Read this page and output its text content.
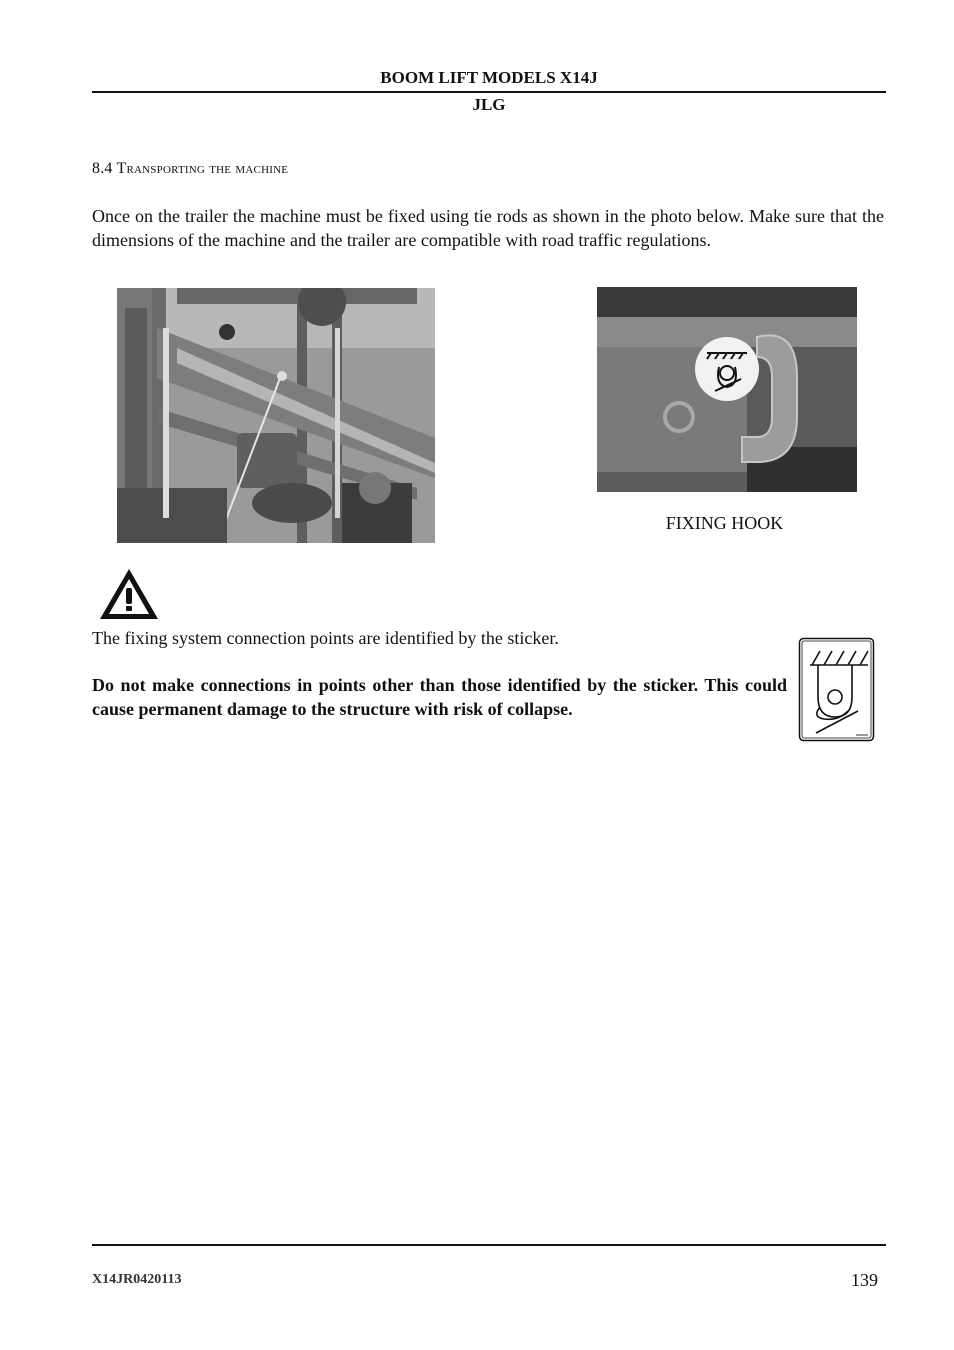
BOOM LIFT MODELS X14J
JLG
8.4 Transporting the machine
Once on the trailer the machine must be fixed using tie rods as shown in the photo below. Make sure that the dimensions of the machine and the trailer are compatible with road traffic regulations.
FIXING HOOK
The fixing system connection points are identified by the sticker.
Do not make connections in points other than those identified by the sticker. This could cause permanent damage to the structure with risk of collapse.
X14JR0420113	139
